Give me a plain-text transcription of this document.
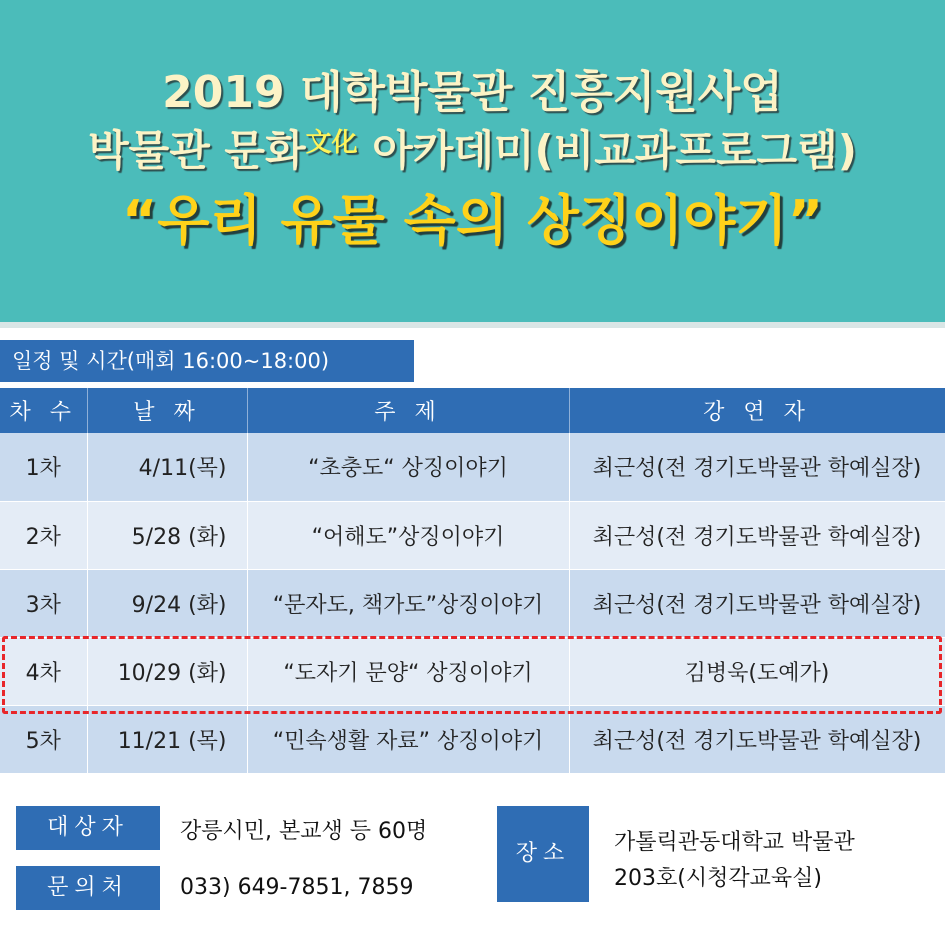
2019 대학박물관 진흥지원사업
박물관 문화$^{文化}$ 아카데미(비교과프로그램)
“우리 유물 속의 상징이야기”
일정 및 시간(매회 16:00~18:00)
차 수	날 짜	주 제	강 연 자
1차	4/11(목)	“초충도“ 상징이야기	최근성(전 경기도박물관 학예실장)
2차	5/28 (화)	“어해도”상징이야기	최근성(전 경기도박물관 학예실장)
3차	9/24 (화)	“문자도, 책가도”상징이야기	최근성(전 경기도박물관 학예실장)
4차	10/29 (화)	“도자기 문양“ 상징이야기	김병욱(도예가)
5차	11/21 (목)	“민속생활 자료” 상징이야기	최근성(전 경기도박물관 학예실장)
대상자	강릉시민, 본교생 등 60명
문의처	033) 649-7851, 7859
장소	가톨릭관동대학교 박물관
203호(시청각교육실)
